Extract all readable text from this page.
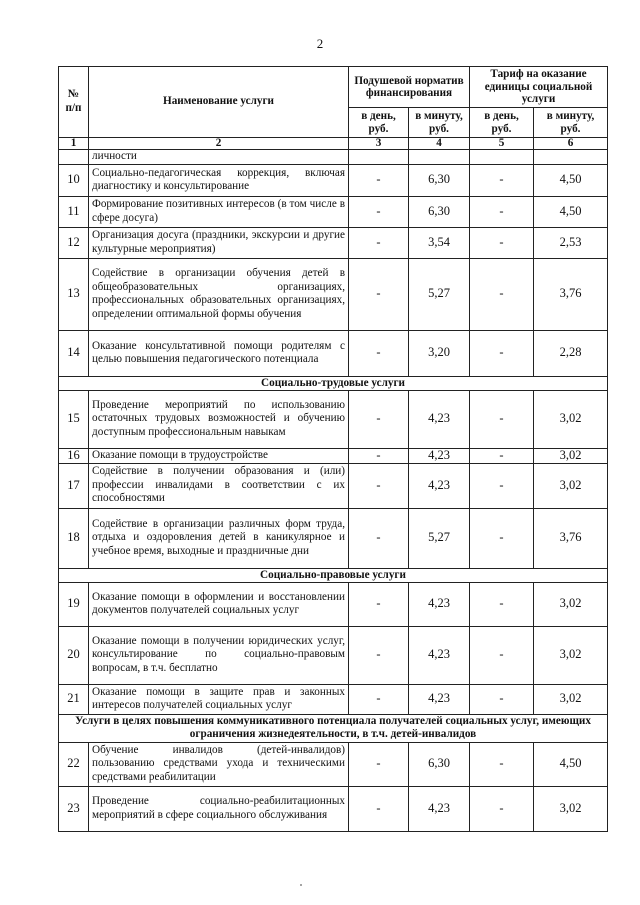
2
№ п/п	Наименование услуги	Подушевой норматив финансирования		Тариф на оказание единицы социальной услуги	
		в день, руб.	в минуту, руб.	в день, руб.	в минуту, руб.
1	2	3	4	5	6
	личности				
10	Социально-педагогическая коррекция, включая диагностику и консультирование	-	6,30	-	4,50
11	Формирование позитивных интересов (в том числе в сфере досуга)	-	6,30	-	4,50
12	Организация досуга (праздники, экскурсии и другие культурные мероприятия)	-	3,54	-	2,53
13	Содействие в организации обучения детей в общеобразовательных организациях, профессиональных образовательных организациях, определении оптимальной формы обучения	-	5,27	-	3,76
14	Оказание консультативной помощи родителям с целью повышения педагогического потенциала	-	3,20	-	2,28
Социально-трудовые услуги					
15	Проведение мероприятий по использованию остаточных трудовых возможностей и обучению доступным профессиональным навыкам	-	4,23	-	3,02
16	Оказание помощи в трудоустройстве	-	4,23	-	3,02
17	Содействие в получении образования и (или) профессии инвалидами в соответствии с их способностями	-	4,23	-	3,02
18	Содействие в организации различных форм труда, отдыха и оздоровления детей в каникулярное и учебное время, выходные и праздничные дни	-	5,27	-	3,76
Социально-правовые услуги					
19	Оказание помощи в оформлении и восстановлении документов получателей социальных услуг	-	4,23	-	3,02
20	Оказание помощи в получении юридических услуг, консультирование по социально-правовым вопросам, в т.ч. бесплатно	-	4,23	-	3,02
21	Оказание помощи в защите прав и законных интересов получателей социальных услуг	-	4,23	-	3,02
Услуги в целях повышения коммуникативного потенциала получателей социальных услуг, имеющих ограничения жизнедеятельности, в т.ч. детей-инвалидов					
22	Обучение инвалидов (детей-инвалидов) пользованию средствами ухода и техническими средствами реабилитации	-	6,30	-	4,50
23	Проведение социально-реабилитационных мероприятий в сфере социального обслуживания	-	4,23	-	3,02
